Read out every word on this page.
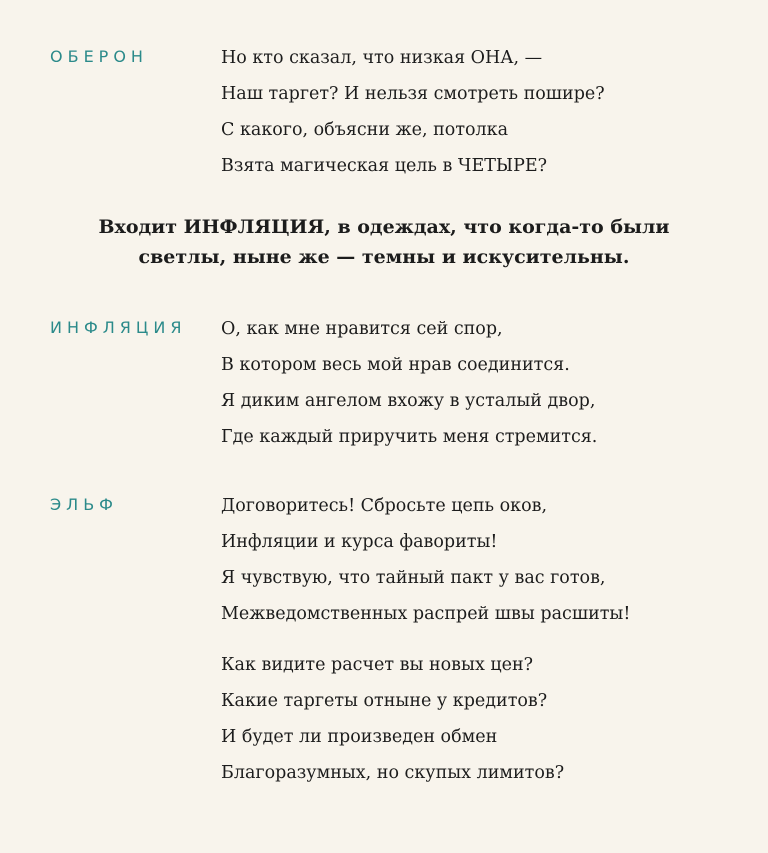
ОБЕРОН	Но кто сказал, что низкая ОНА, —
Наш таргет? И нельзя смотреть пошире?
С какого, объясни же, потолка
Взята магическая цель в ЧЕТЫРЕ?
Входит ИНФЛЯЦИЯ, в одеждах, что когда-то были
светлы, ныне же — темны и искусительны.
ИНФЛЯЦИЯ О, как мне нравится сей спор,
В котором весь мой нрав соединится.
Я диким ангелом вхожу в усталый двор,
Где каждый приручить меня стремится.
ЭЛЬФ	Договоритесь! Сбросьте цепь оков,
Инфляции и курса фавориты!
Я чувствую, что тайный пакт у вас готов,
Межведомственных распрей швы расшиты!
Как видите расчет вы новых цен?
Какие таргеты отныне у кредитов?
И будет ли произведен обмен
Благоразумных, но скупых лимитов?
